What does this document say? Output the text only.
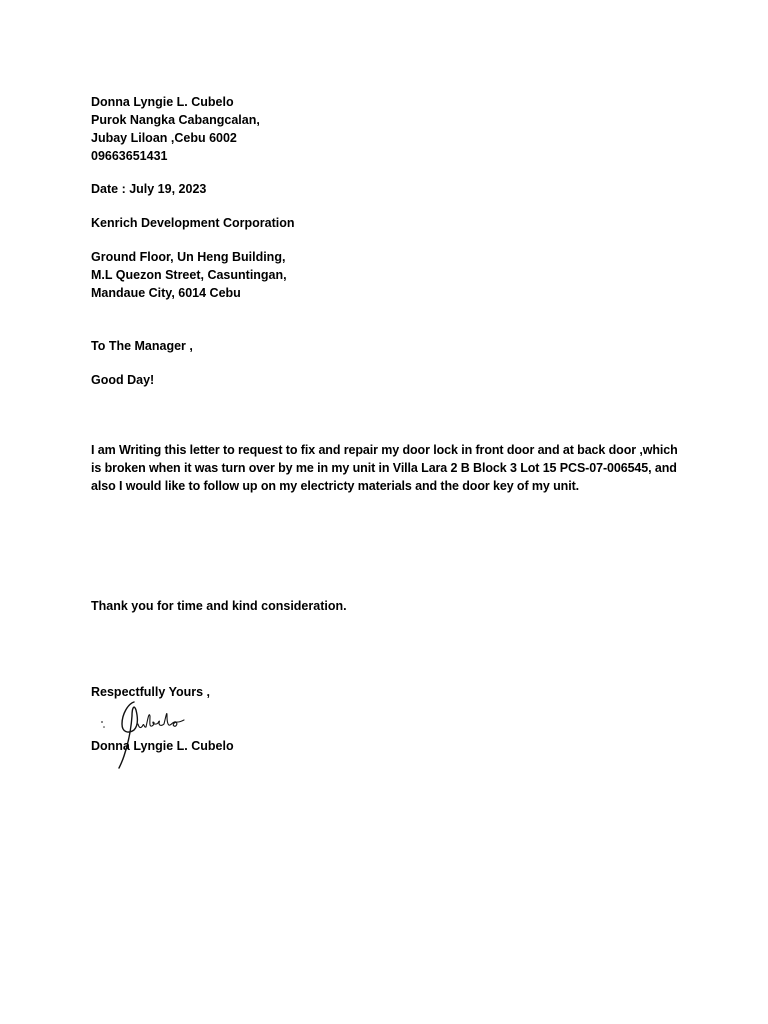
Donna Lyngie L. Cubelo
Purok Nangka Cabangcalan,
Jubay Liloan ,Cebu 6002
09663651431
Date : July 19, 2023
Kenrich Development Corporation
Ground Floor, Un Heng Building,
M.L Quezon Street, Casuntingan,
Mandaue City, 6014 Cebu
To The Manager ,
Good Day!
I am Writing this letter to request to fix and repair my door lock in front door and at back door ,which
is broken when it was turn over by me in my unit in Villa Lara 2 B Block 3 Lot 15 PCS-07-006545, and
also I would like to follow up on my electricty materials and the door key of my unit.
Thank you for time and kind consideration.
Respectfully Yours ,
Donna Lyngie L. Cubelo
